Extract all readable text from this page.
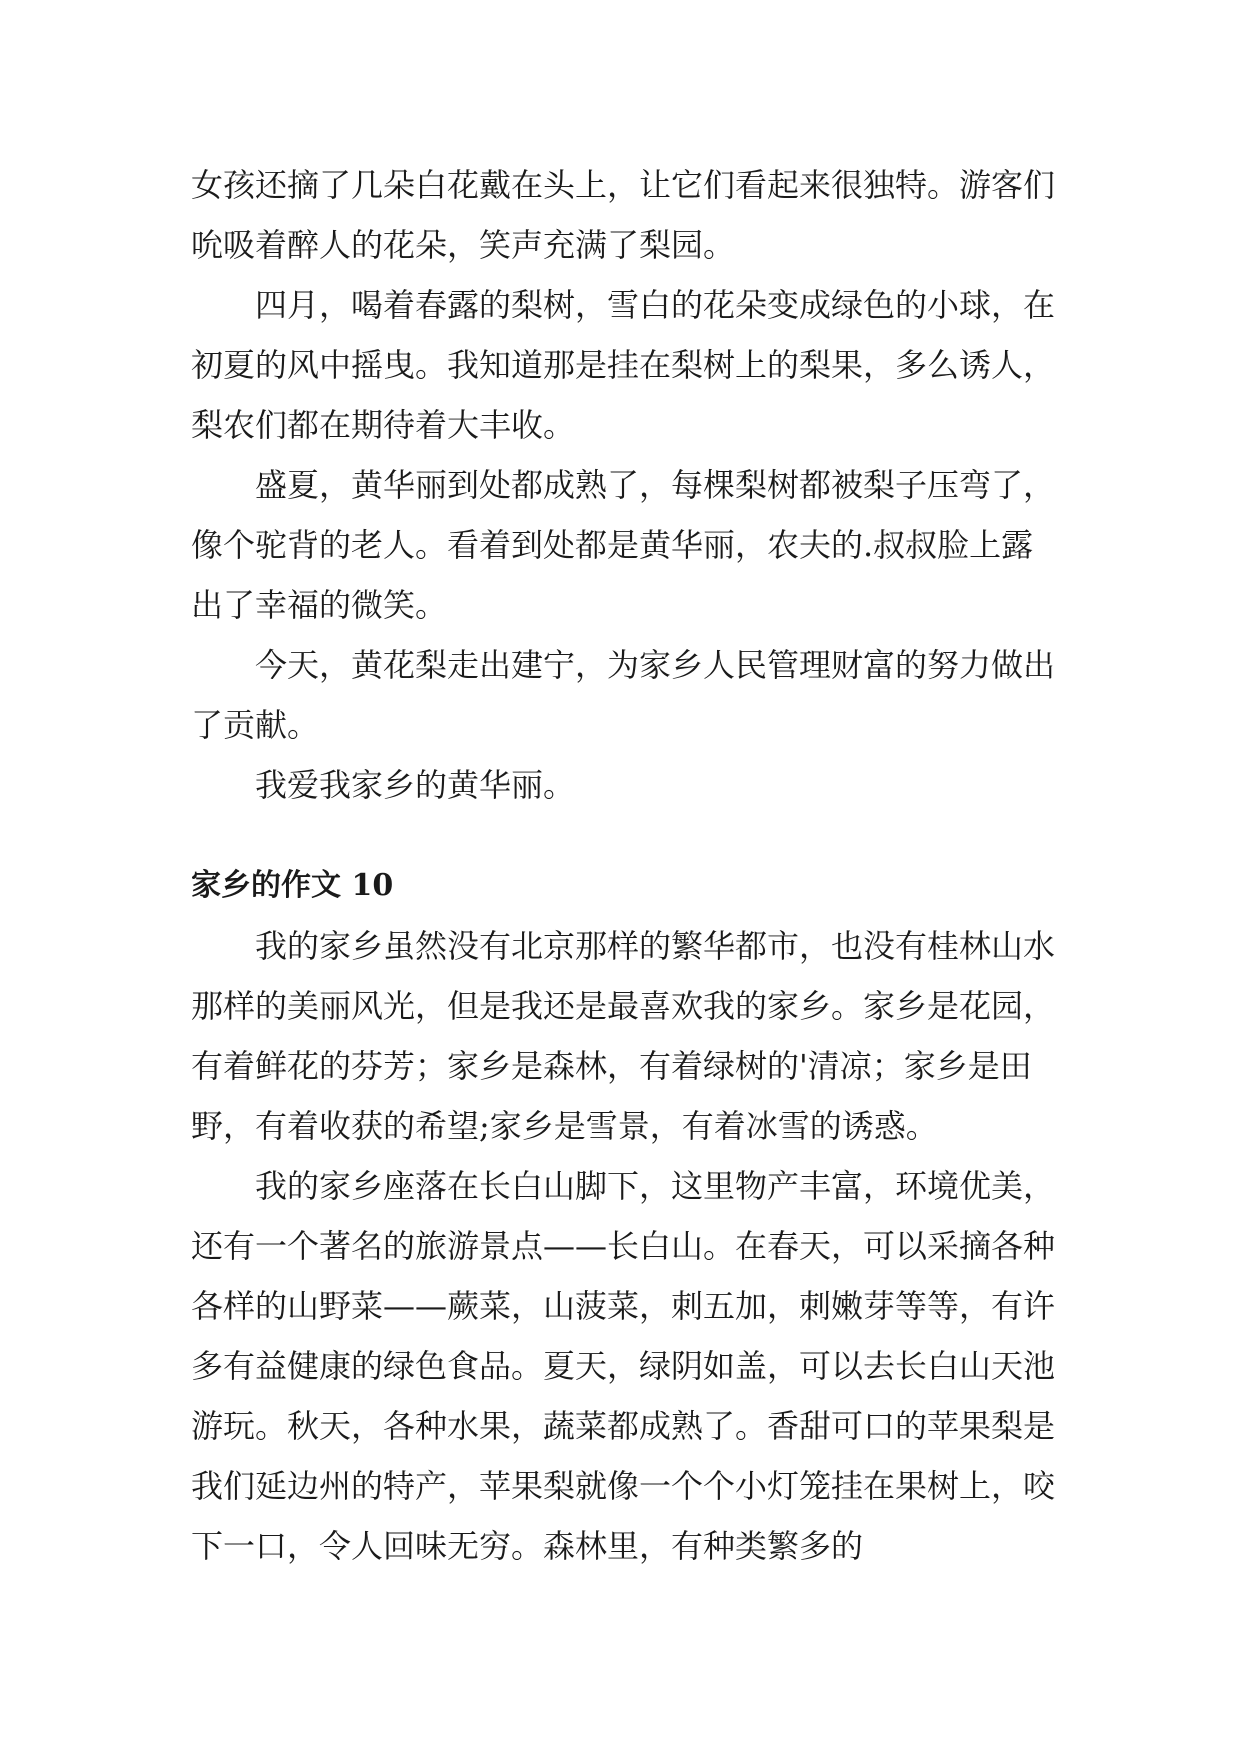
女孩还摘了几朵白花戴在头上，让它们看起来很独特。游客们吮吸着醉人的花朵，笑声充满了梨园。

四月，喝着春露的梨树，雪白的花朵变成绿色的小球，在初夏的风中摇曳。我知道那是挂在梨树上的梨果，多么诱人，梨农们都在期待着大丰收。

盛夏，黄华丽到处都成熟了，每棵梨树都被梨子压弯了，像个驼背的老人。看着到处都是黄华丽，农夫的.叔叔脸上露出了幸福的微笑。

今天，黄花梨走出建宁，为家乡人民管理财富的努力做出了贡献。

我爱我家乡的黄华丽。

家乡的作文 10

我的家乡虽然没有北京那样的繁华都市，也没有桂林山水那样的美丽风光，但是我还是最喜欢我的家乡。家乡是花园，有着鲜花的芬芳；家乡是森林，有着绿树的'清凉；家乡是田野，有着收获的希望;家乡是雪景，有着冰雪的诱惑。

我的家乡座落在长白山脚下，这里物产丰富，环境优美，还有一个著名的旅游景点——长白山。在春天，可以采摘各种各样的山野菜——蕨菜，山菠菜，刺五加，刺嫩芽等等，有许多有益健康的绿色食品。夏天，绿阴如盖，可以去长白山天池游玩。秋天，各种水果，蔬菜都成熟了。香甜可口的苹果梨是我们延边州的特产，苹果梨就像一个个小灯笼挂在果树上，咬下一口，令人回味无穷。森林里，有种类繁多的
